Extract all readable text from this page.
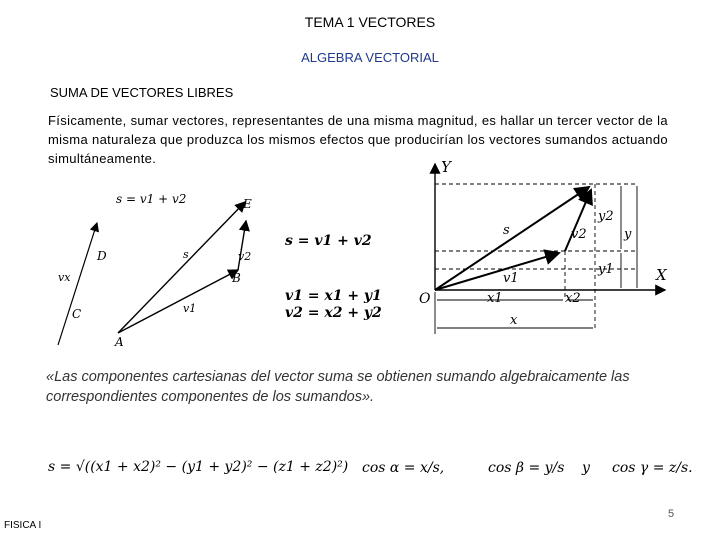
TEMA 1 VECTORES
ALGEBRA VECTORIAL
SUMA DE VECTORES LIBRES
Físicamente, sumar vectores, representantes de una misma magnitud, es hallar un tercer vector de la misma naturaleza que produzca los mismos efectos que producirían los vectores sumandos actuando simultáneamente.
s = v1 + v2	E
B
A
D
C
s
v1
v2
vx
s = v1 + v2
v1 = x1 + y1
v2 = x2 + y2
Y
X
O
s
v1
v2
x1	x2
x
y2
y1
y
«Las componentes cartesianas del vector suma se obtienen sumando algebraicamente las correspondientes componentes de los sumandos».
s = √((x1 + x2)² − (y1 + y2)² − (z1 + z2)²) cos α = x/s,	cos β = y/s y cos γ = z/s.
FISICA I
5
